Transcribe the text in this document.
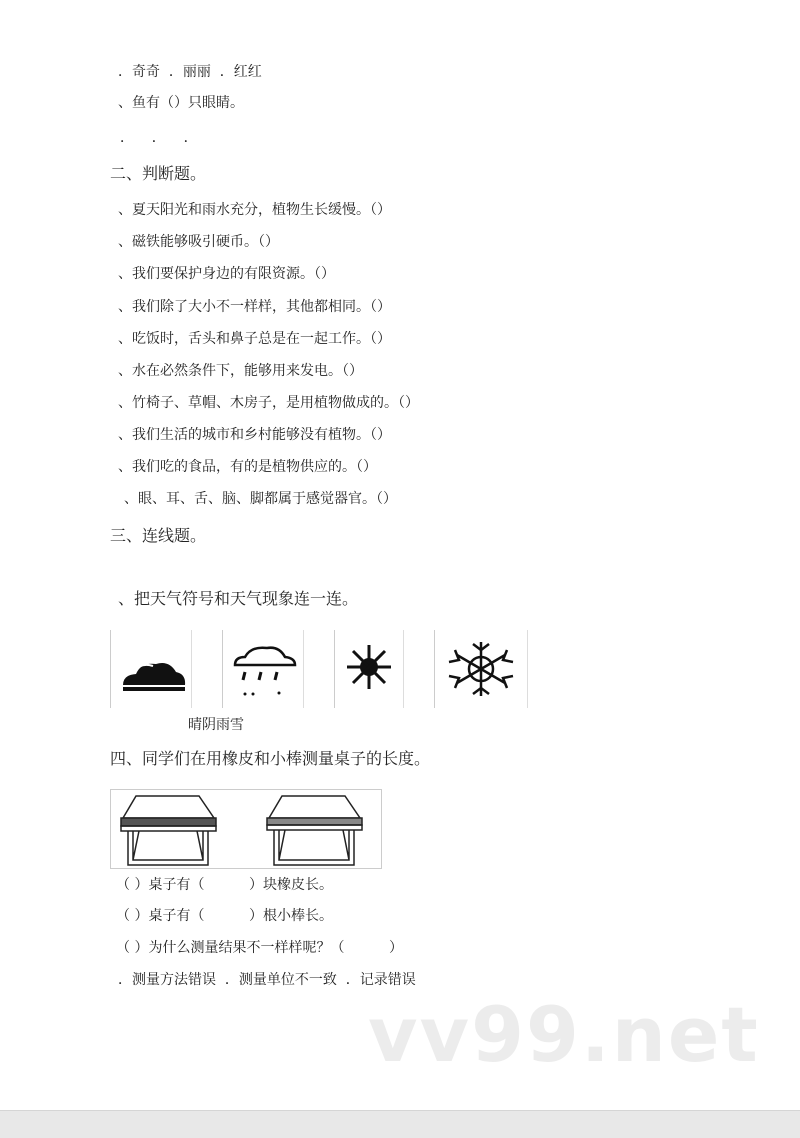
．奇奇  ．丽丽  ．红红
、鱼有（）只眼睛。
．    ．    ．
二、判断题。
、夏天阳光和雨水充分，植物生长缓慢。（）
、磁铁能够吸引硬币。（）
、我们要保护身边的有限资源。（）
、我们除了大小不一样样，其他都相同。（）
、吃饭时，舌头和鼻子总是在一起工作。（）
、水在必然条件下，能够用来发电。（）
、竹椅子、草帽、木房子，是用植物做成的。（）
、我们生活的城市和乡村能够没有植物。（）
、我们吃的食品，有的是植物供应的。（）
、眼、耳、舌、脑、脚都属于感觉器官。（）
三、连线题。
、把天气符号和天气现象连一连。
晴阴雨雪
四、同学们在用橡皮和小棒测量桌子的长度。
（ ）桌子有（          ）块橡皮长。
（ ）桌子有（          ）根小棒长。
（ ）为什么测量结果不一样样呢？（          ）
．测量方法错误  ．测量单位不一致  ．记录错误
vv99.net
